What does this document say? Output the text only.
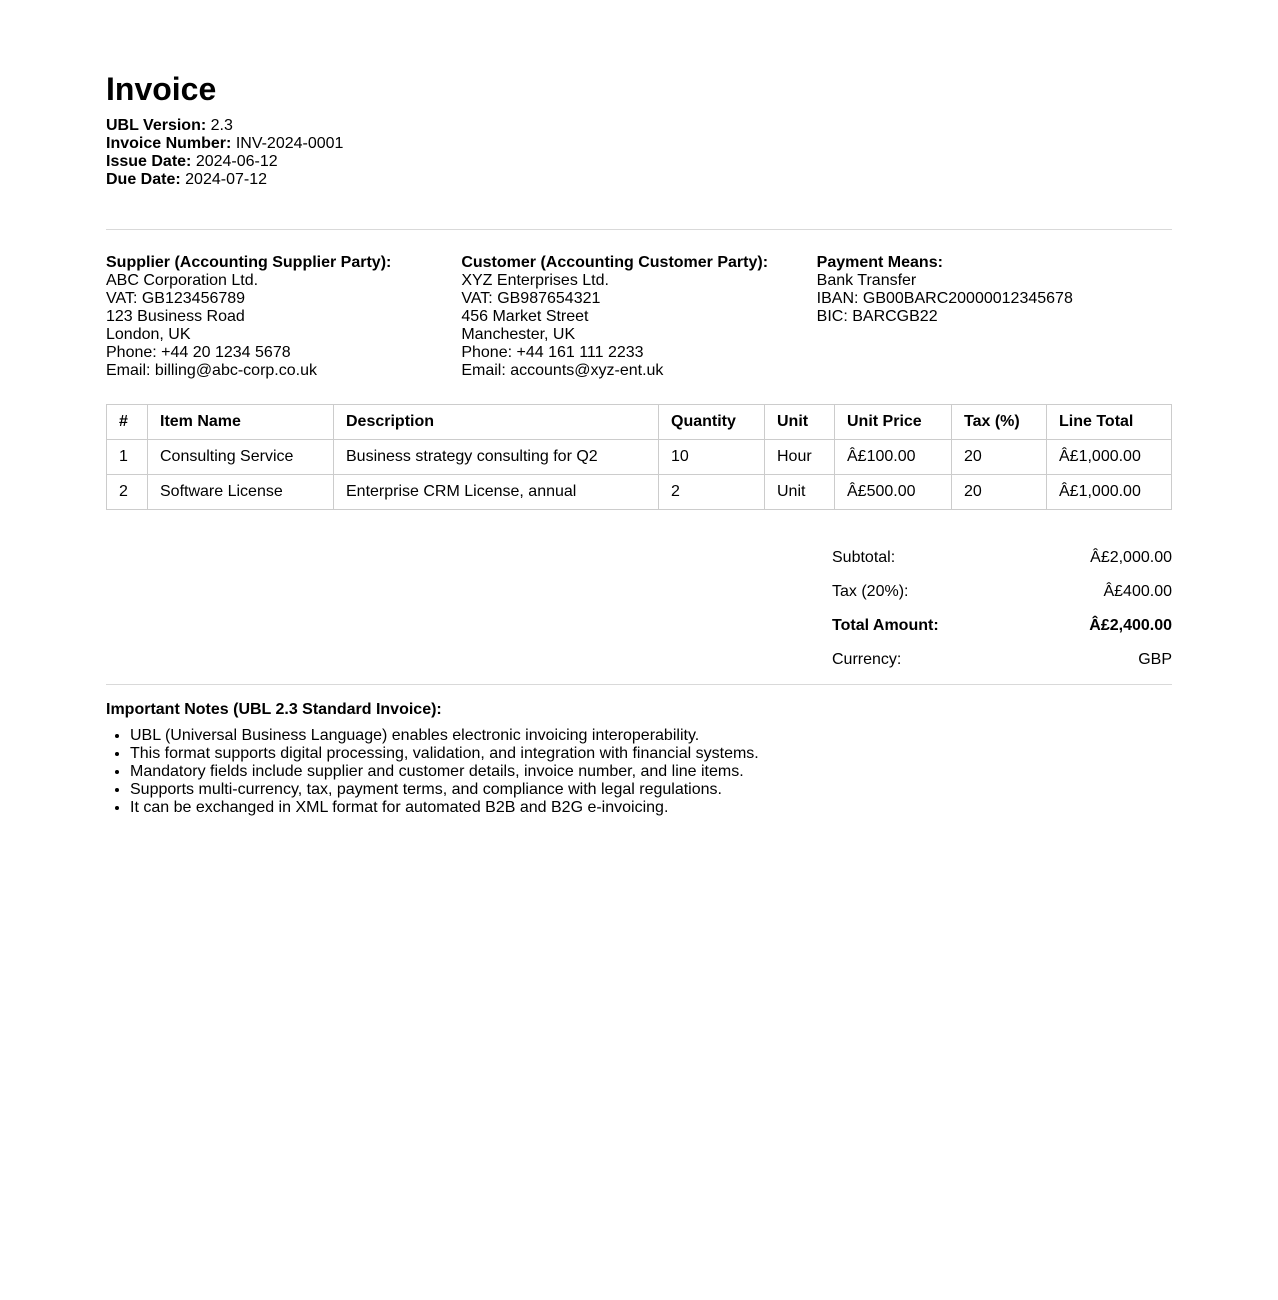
Invoice
UBL Version: 2.3
Invoice Number: INV-2024-0001
Issue Date: 2024-06-12
Due Date: 2024-07-12
Supplier (Accounting Supplier Party):
ABC Corporation Ltd.
VAT: GB123456789
123 Business Road
London, UK
Phone: +44 20 1234 5678
Email: billing@abc-corp.co.uk
Customer (Accounting Customer Party):
XYZ Enterprises Ltd.
VAT: GB987654321
456 Market Street
Manchester, UK
Phone: +44 161 111 2233
Email: accounts@xyz-ent.uk
Payment Means:
Bank Transfer
IBAN: GB00BARC20000012345678
BIC: BARCGB22
#	Item Name	Description	Quantity	Unit	Unit Price	Tax (%)	Line Total
1	Consulting Service	Business strategy consulting for Q2	10	Hour	Â£100.00	20	Â£1,000.00
2	Software License	Enterprise CRM License, annual	2	Unit	Â£500.00	20	Â£1,000.00
Subtotal:	Â£2,000.00
Tax (20%):	Â£400.00
Total Amount:	Â£2,400.00
Currency:	GBP
Important Notes (UBL 2.3 Standard Invoice):
• UBL (Universal Business Language) enables electronic invoicing interoperability.
• This format supports digital processing, validation, and integration with financial systems.
• Mandatory fields include supplier and customer details, invoice number, and line items.
• Supports multi-currency, tax, payment terms, and compliance with legal regulations.
• It can be exchanged in XML format for automated B2B and B2G e-invoicing.
